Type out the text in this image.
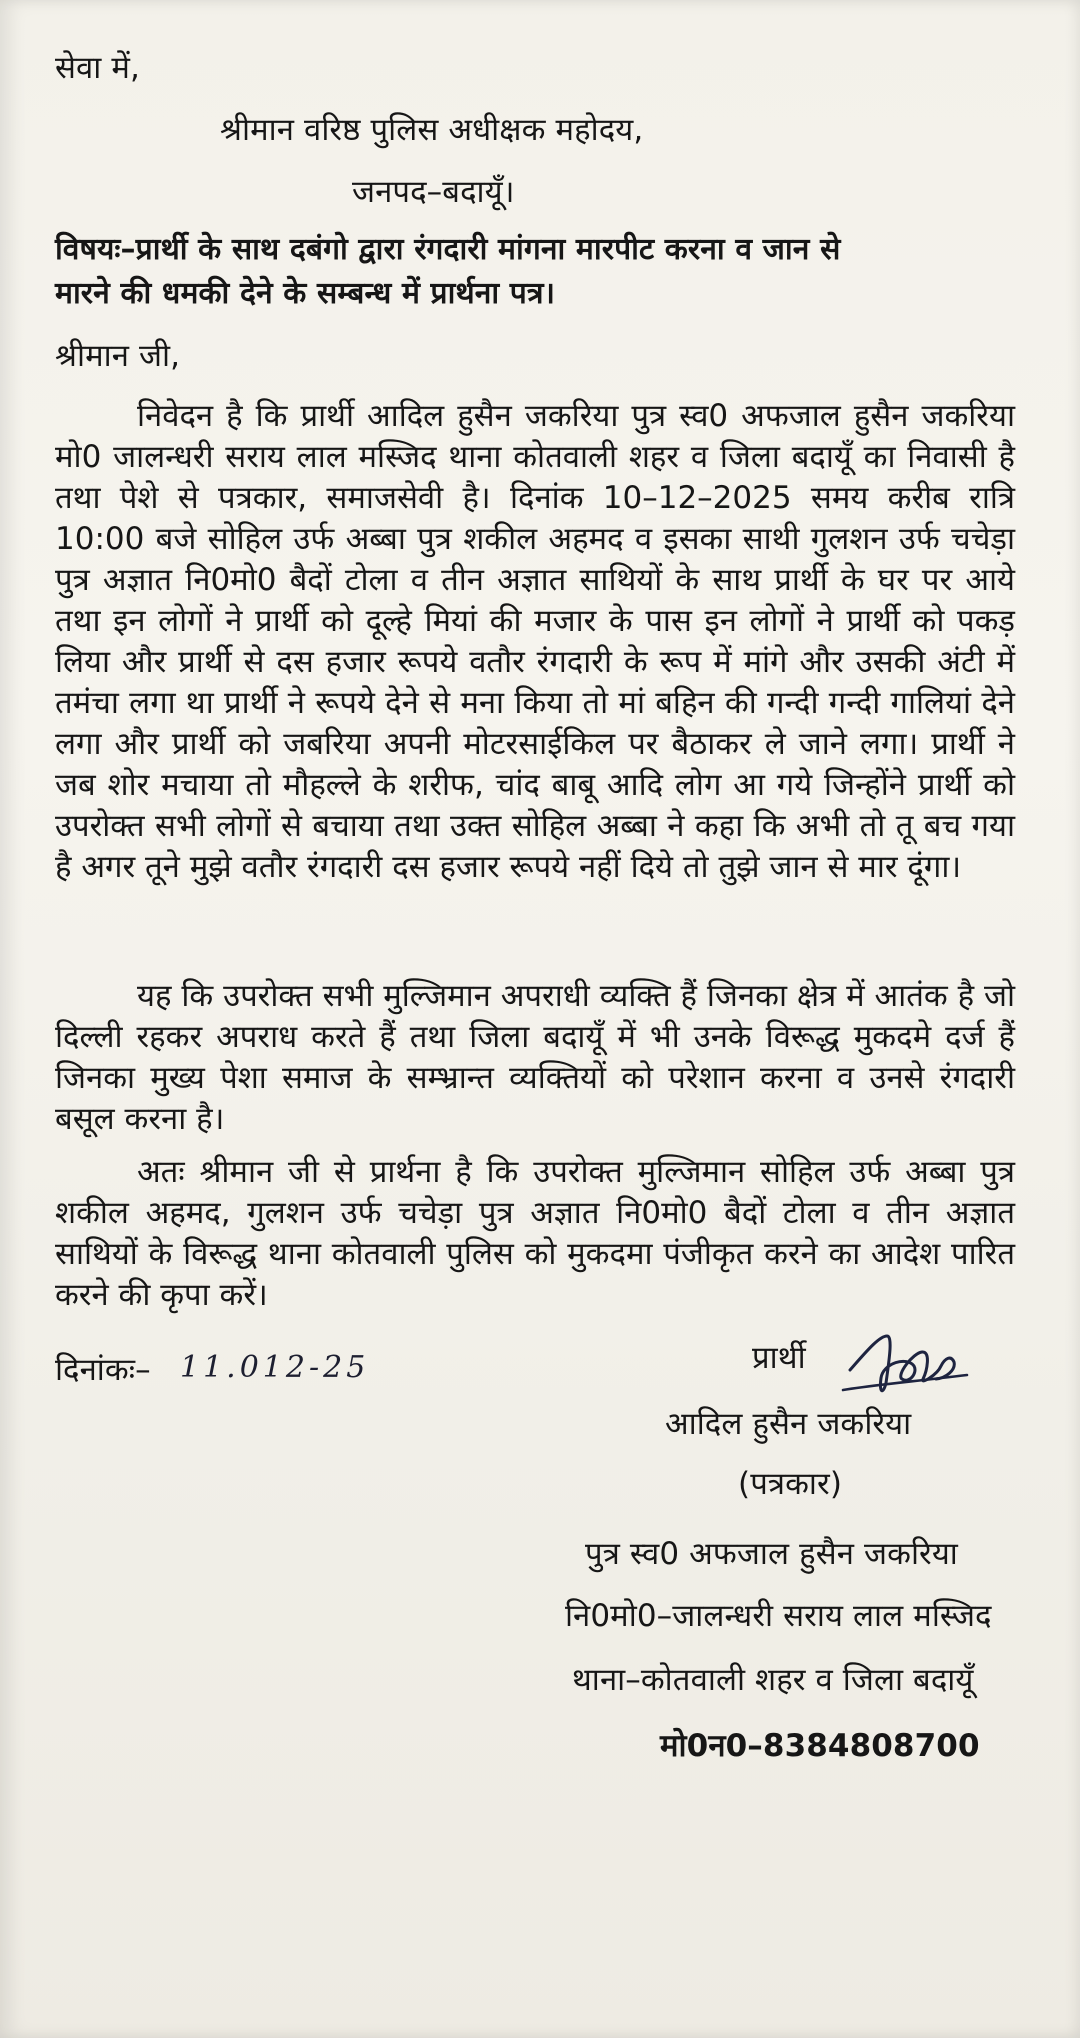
सेवा में,
श्रीमान वरिष्ठ पुलिस अधीक्षक महोदय,
जनपद–बदायूँ।
विषयः–प्रार्थी के साथ दबंगो द्वारा रंगदारी मांगना मारपीट करना व जान से
मारने की धमकी देने के सम्बन्ध में प्रार्थना पत्र।
श्रीमान जी,
निवेदन है कि प्रार्थी आदिल हुसैन जकरिया पुत्र स्व0 अफजाल हुसैन जकरिया मो0 जालन्धरी सराय लाल मस्जिद थाना कोतवाली शहर व जिला बदायूँ का निवासी है तथा पेशे से पत्रकार, समाजसेवी है। दिनांक 10–12–2025 समय करीब रात्रि 10:00 बजे सोहिल उर्फ अब्बा पुत्र शकील अहमद व इसका साथी गुलशन उर्फ चचेड़ा पुत्र अज्ञात नि0मो0 बैदों टोला व तीन अज्ञात साथियों के साथ प्रार्थी के घर पर आये तथा इन लोगों ने प्रार्थी को दूल्हे मियां की मजार के पास इन लोगों ने प्रार्थी को पकड़ लिया और प्रार्थी से दस हजार रूपये वतौर रंगदारी के रूप में मांगे और उसकी अंटी में तमंचा लगा था प्रार्थी ने रूपये देने से मना किया तो मां बहिन की गन्दी गन्दी गालियां देने लगा और प्रार्थी को जबरिया अपनी मोटरसाईकिल पर बैठाकर ले जाने लगा। प्रार्थी ने जब शोर मचाया तो मौहल्ले के शरीफ, चांद बाबू आदि लोग आ गये जिन्होंने प्रार्थी को उपरोक्त सभी लोगों से बचाया तथा उक्त सोहिल अब्बा ने कहा कि अभी तो तू बच गया है अगर तूने मुझे वतौर रंगदारी दस हजार रूपये नहीं दिये तो तुझे जान से मार दूंगा।
यह कि उपरोक्त सभी मुल्जिमान अपराधी व्यक्ति हैं जिनका क्षेत्र में आतंक है जो दिल्ली रहकर अपराध करते हैं तथा जिला बदायूँ में भी उनके विरूद्ध मुकदमे दर्ज हैं जिनका मुख्य पेशा समाज के सम्भ्रान्त व्यक्तियों को परेशान करना व उनसे रंगदारी बसूल करना है।
अतः श्रीमान जी से प्रार्थना है कि उपरोक्त मुल्जिमान सोहिल उर्फ अब्बा पुत्र शकील अहमद, गुलशन उर्फ चचेड़ा पुत्र अज्ञात नि0मो0 बैदों टोला व तीन अज्ञात साथियों के विरूद्ध थाना कोतवाली पुलिस को मुकदमा पंजीकृत करने का आदेश पारित करने की कृपा करें।
दिनांकः– 11.012-25	प्रार्थी
आदिल हुसैन जकरिया
(पत्रकार)
पुत्र स्व0 अफजाल हुसैन जकरिया
नि0मो0–जालन्धरी सराय लाल मस्जिद
थाना–कोतवाली शहर व जिला बदायूँ
मो0न0–8384808700
